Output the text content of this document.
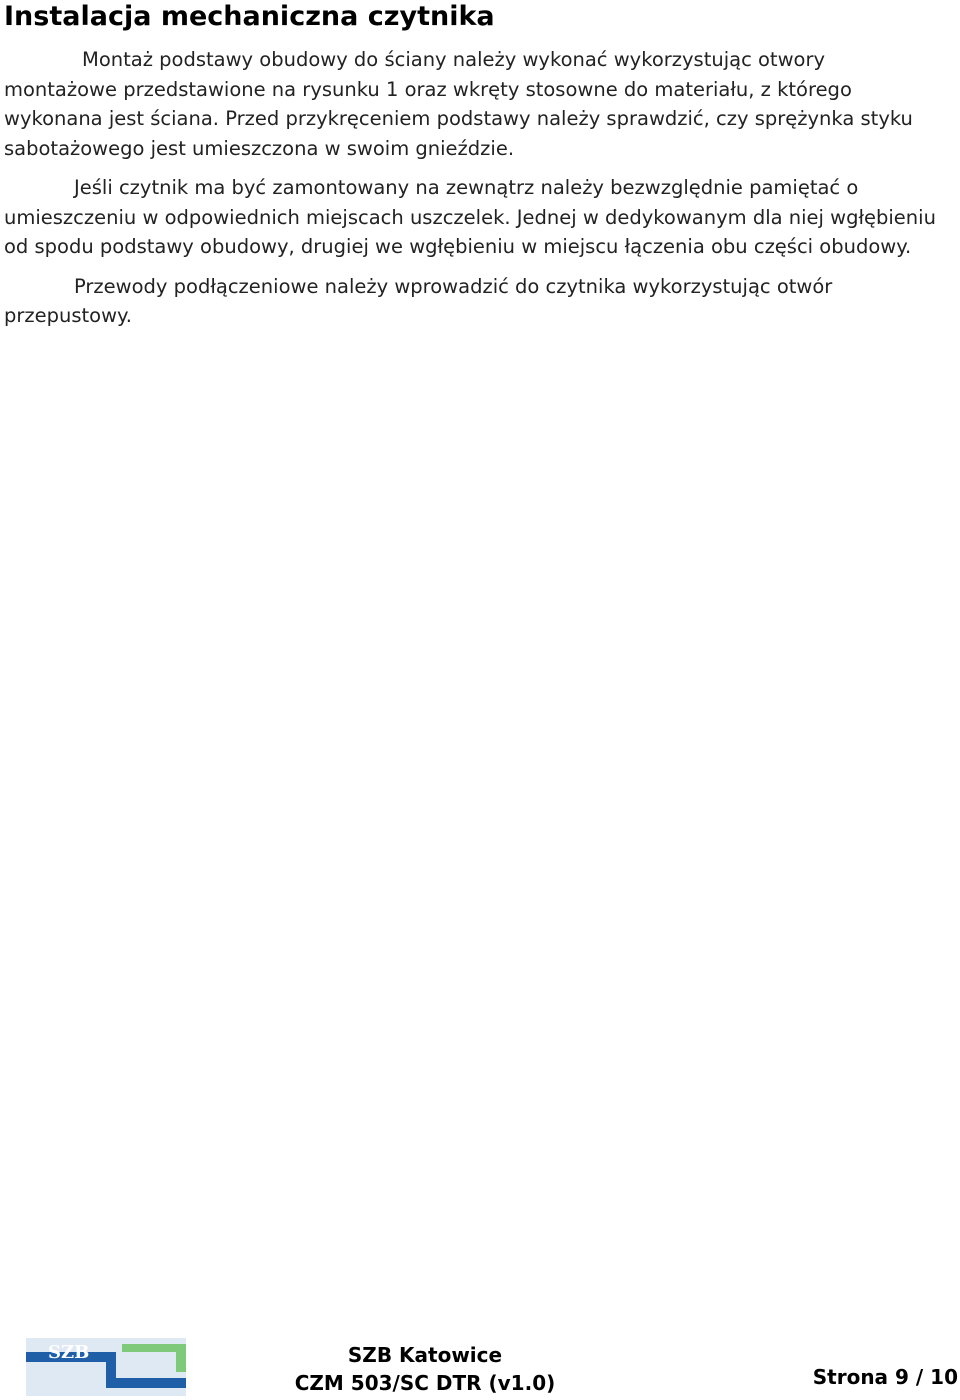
Instalacja mechaniczna czytnika

Montaż podstawy obudowy do ściany należy wykonać wykorzystując otwory montażowe przedstawione na rysunku 1 oraz wkręty stosowne do materiału, z którego wykonana jest ściana. Przed przykręceniem podstawy należy sprawdzić, czy sprężynka styku sabotażowego jest umieszczona w swoim gnieździe.

Jeśli czytnik ma być zamontowany na zewnątrz należy bezwzględnie pamiętać o umieszczeniu w odpowiednich miejscach uszczelek. Jednej w dedykowanym dla niej wgłębieniu od spodu podstawy obudowy, drugiej we wgłębieniu w miejscu łączenia obu części obudowy.

Przewody podłączeniowe należy wprowadzić do czytnika wykorzystując otwór przepustowy.

SZB	SZB Katowice
CZM 503/SC DTR (v1.0)	Strona 9 / 10
